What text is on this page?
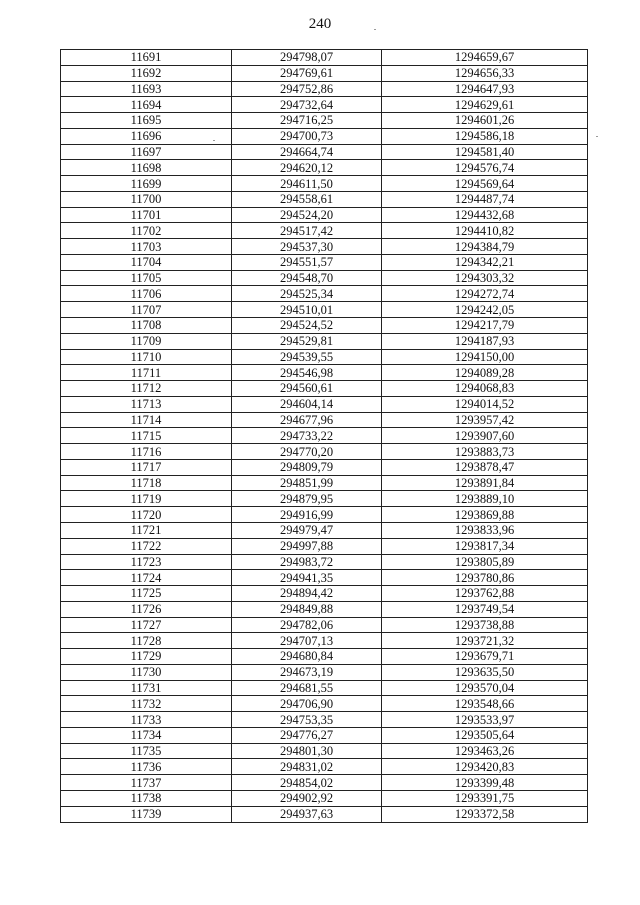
240
11691	294798,07	1294659,67
11692	294769,61	1294656,33
11693	294752,86	1294647,93
11694	294732,64	1294629,61
11695	294716,25	1294601,26
11696	294700,73	1294586,18
11697	294664,74	1294581,40
11698	294620,12	1294576,74
11699	294611,50	1294569,64
11700	294558,61	1294487,74
11701	294524,20	1294432,68
11702	294517,42	1294410,82
11703	294537,30	1294384,79
11704	294551,57	1294342,21
11705	294548,70	1294303,32
11706	294525,34	1294272,74
11707	294510,01	1294242,05
11708	294524,52	1294217,79
11709	294529,81	1294187,93
11710	294539,55	1294150,00
11711	294546,98	1294089,28
11712	294560,61	1294068,83
11713	294604,14	1294014,52
11714	294677,96	1293957,42
11715	294733,22	1293907,60
11716	294770,20	1293883,73
11717	294809,79	1293878,47
11718	294851,99	1293891,84
11719	294879,95	1293889,10
11720	294916,99	1293869,88
11721	294979,47	1293833,96
11722	294997,88	1293817,34
11723	294983,72	1293805,89
11724	294941,35	1293780,86
11725	294894,42	1293762,88
11726	294849,88	1293749,54
11727	294782,06	1293738,88
11728	294707,13	1293721,32
11729	294680,84	1293679,71
11730	294673,19	1293635,50
11731	294681,55	1293570,04
11732	294706,90	1293548,66
11733	294753,35	1293533,97
11734	294776,27	1293505,64
11735	294801,30	1293463,26
11736	294831,02	1293420,83
11737	294854,02	1293399,48
11738	294902,92	1293391,75
11739	294937,63	1293372,58
